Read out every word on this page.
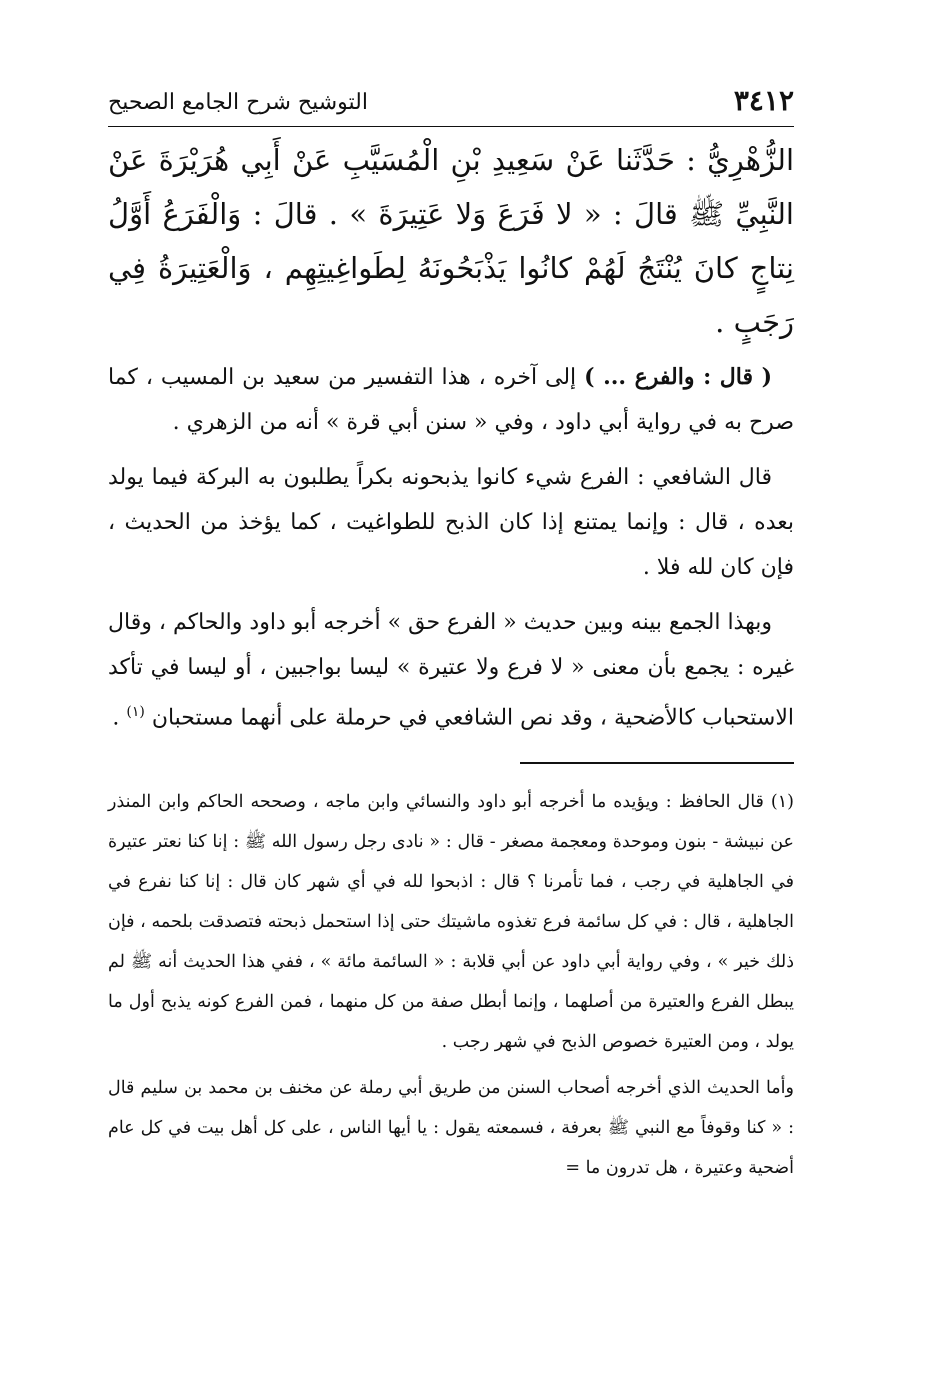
٣٤١٢
التوشيح شرح الجامع الصحيح

الزُّهْرِيُّ : حَدَّثَنا عَنْ سَعِيدِ بْنِ الْمُسَيَّبِ عَنْ أَبِي هُرَيْرَةَ عَنْ النَّبِيِّ ﷺ قالَ : « لا فَرَعَ وَلا عَتِيرَةَ » . قالَ : وَالْفَرَعُ أَوَّلُ نِتاجٍ كانَ يُنْتَجُ لَهُمْ كانُوا يَذْبَحُونَهُ لِطَواغِيتِهِم ، وَالْعَتِيرَةُ فِي رَجَبٍ .

( قال : والفرع ... ) إلى آخره ، هذا التفسير من سعيد بن المسيب ، كما صرح به في رواية أبي داود ، وفي « سنن أبي قرة » أنه من الزهري .

قال الشافعي : الفرع شيء كانوا يذبحونه بكراً يطلبون به البركة فيما يولد بعده ، قال : وإنما يمتنع إذا كان الذبح للطواغيت ، كما يؤخذ من الحديث ، فإن كان لله فلا .

وبهذا الجمع بينه وبين حديث « الفرع حق » أخرجه أبو داود والحاكم ، وقال غيره : يجمع بأن معنى « لا فرع ولا عتيرة » ليسا بواجبين ، أو ليسا في تأكد الاستحباب كالأضحية ، وقد نص الشافعي في حرملة على أنهما مستحبان $^{(١)}$ .

(١) قال الحافظ : ويؤيده ما أخرجه أبو داود والنسائي وابن ماجه ، وصححه الحاكم وابن المنذر عن نبيشة - بنون وموحدة ومعجمة مصغر - قال : « نادى رجل رسول الله ﷺ : إنا كنا نعتر عتيرة في الجاهلية في رجب ، فما تأمرنا ؟ قال : اذبحوا لله في أي شهر كان قال : إنا كنا نفرع في الجاهلية ، قال : في كل سائمة فرع تغذوه ماشيتك حتى إذا استحمل ذبحته فتصدقت بلحمه ، فإن ذلك خير » ، وفي رواية أبي داود عن أبي قلابة : « السائمة مائة » ، ففي هذا الحديث أنه ﷺ لم يبطل الفرع والعتيرة من أصلهما ، وإنما أبطل صفة من كل منهما ، فمن الفرع كونه يذبح أول ما يولد ، ومن العتيرة خصوص الذبح في شهر رجب .

وأما الحديث الذي أخرجه أصحاب السنن من طريق أبي رملة عن مخنف بن محمد بن سليم قال : « كنا وقوفاً مع النبي ﷺ بعرفة ، فسمعته يقول : يا أيها الناس ، على كل أهل بيت في كل عام أضحية وعتيرة ، هل تدرون ما =
